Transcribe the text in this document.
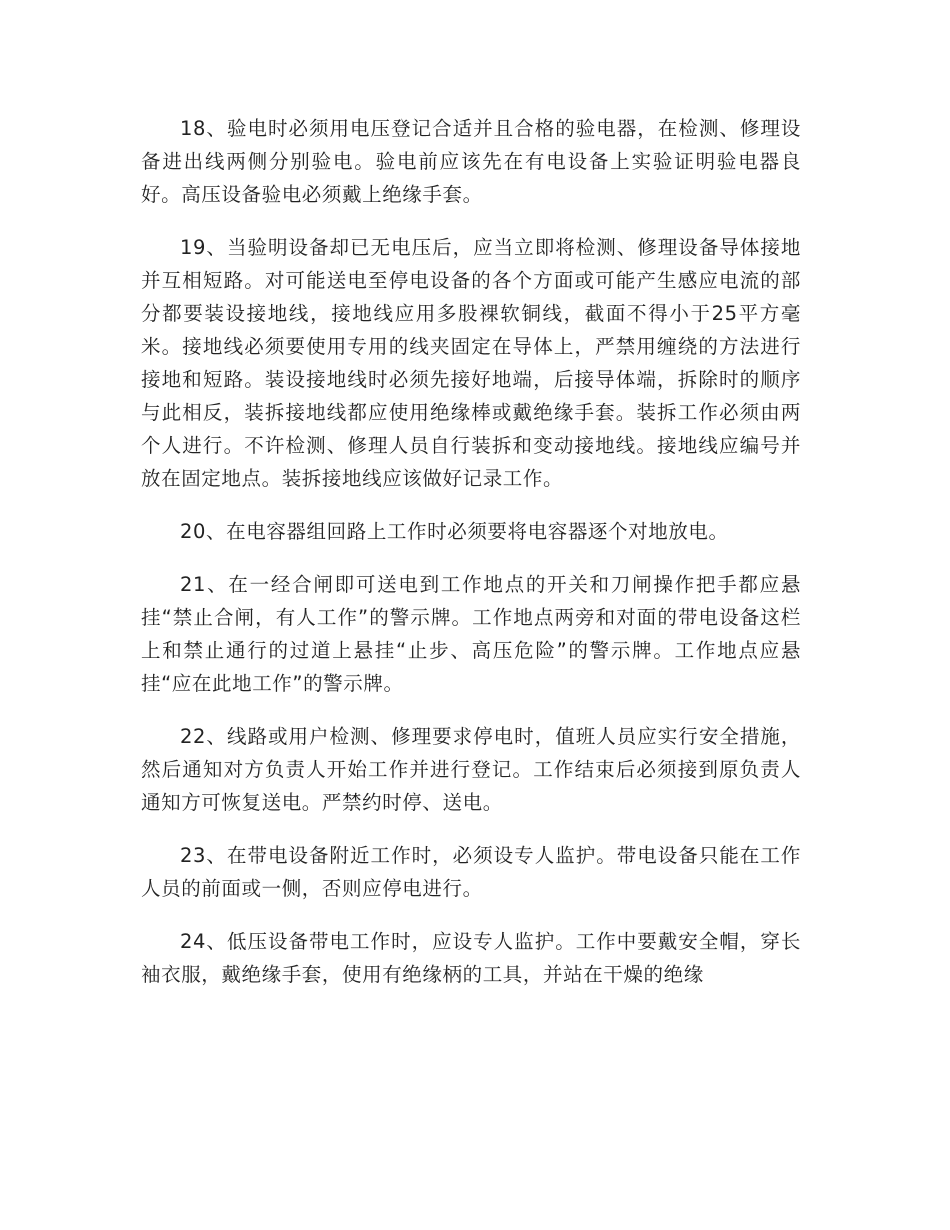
18、验电时必须用电压登记合适并且合格的验电器，在检测、修理设备进出线两侧分别验电。验电前应该先在有电设备上实验证明验电器良好。高压设备验电必须戴上绝缘手套。

19、当验明设备却已无电压后，应当立即将检测、修理设备导体接地并互相短路。对可能送电至停电设备的各个方面或可能产生感应电流的部分都要装设接地线，接地线应用多股裸软铜线，截面不得小于25平方毫米。接地线必须要使用专用的线夹固定在导体上，严禁用缠绕的方法进行接地和短路。装设接地线时必须先接好地端，后接导体端，拆除时的顺序与此相反，装拆接地线都应使用绝缘棒或戴绝缘手套。装拆工作必须由两个人进行。不许检测、修理人员自行装拆和变动接地线。接地线应编号并放在固定地点。装拆接地线应该做好记录工作。

20、在电容器组回路上工作时必须要将电容器逐个对地放电。

21、在一经合闸即可送电到工作地点的开关和刀闸操作把手都应悬挂“禁止合闸，有人工作”的警示牌。工作地点两旁和对面的带电设备这栏上和禁止通行的过道上悬挂“止步、高压危险”的警示牌。工作地点应悬挂“应在此地工作”的警示牌。

22、线路或用户检测、修理要求停电时，值班人员应实行安全措施，然后通知对方负责人开始工作并进行登记。工作结束后必须接到原负责人通知方可恢复送电。严禁约时停、送电。

23、在带电设备附近工作时，必须设专人监护。带电设备只能在工作人员的前面或一侧，否则应停电进行。

24、低压设备带电工作时，应设专人监护。工作中要戴安全帽，穿长袖衣服，戴绝缘手套，使用有绝缘柄的工具，并站在干燥的绝缘
